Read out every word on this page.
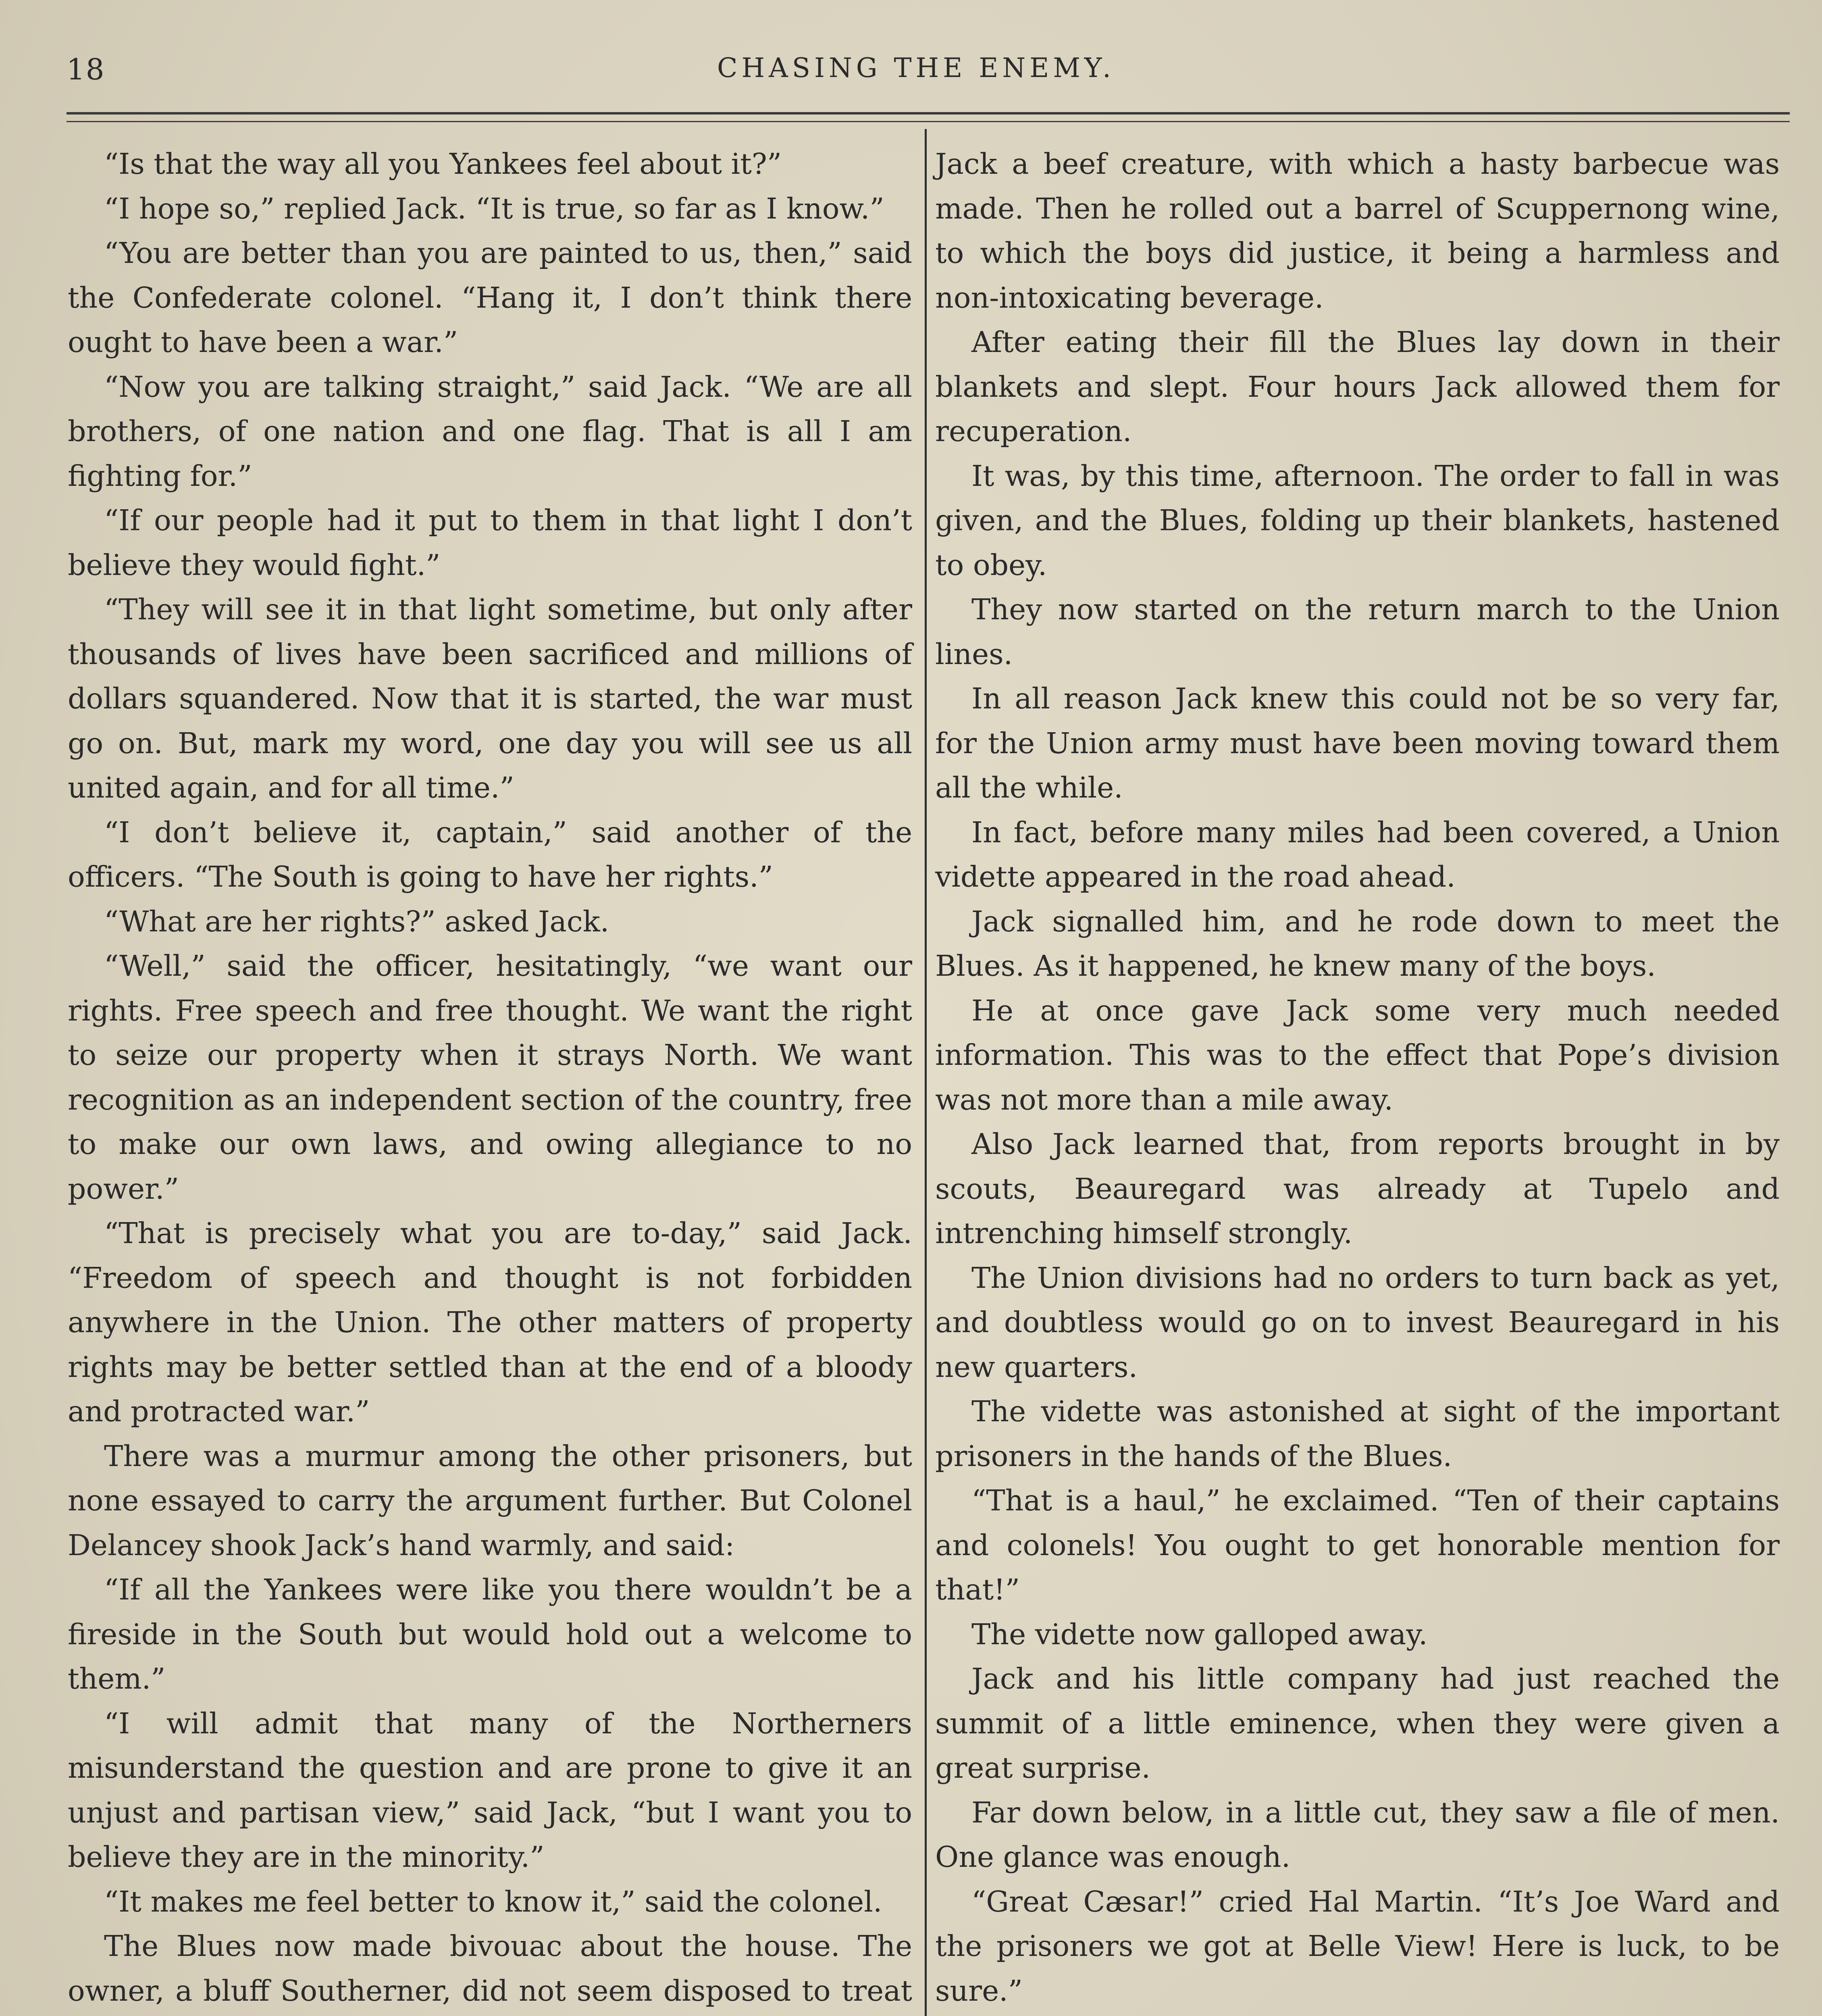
18	CHASING THE ENEMY.

“Is that the way all you Yankees feel about it?”

“I hope so,” replied Jack. “It is true, so far as I know.”

“You are better than you are painted to us, then,” said the Confederate colonel. “Hang it, I don’t think there ought to have been a war.”

“Now you are talking straight,” said Jack. “We are all brothers, of one nation and one flag. That is all I am fighting for.”

“If our people had it put to them in that light I don’t believe they would fight.”

“They will see it in that light sometime, but only after thousands of lives have been sacrificed and millions of dollars squandered. Now that it is started, the war must go on. But, mark my word, one day you will see us all united again, and for all time.”

“I don’t believe it, captain,” said another of the officers. “The South is going to have her rights.”

“What are her rights?” asked Jack.

“Well,” said the officer, hesitatingly, “we want our rights. Free speech and free thought. We want the right to seize our property when it strays North. We want recognition as an independent section of the country, free to make our own laws, and owing allegiance to no power.”

“That is precisely what you are to-day,” said Jack. “Freedom of speech and thought is not forbidden anywhere in the Union. The other matters of property rights may be better settled than at the end of a bloody and protracted war.”

There was a murmur among the other prisoners, but none essayed to carry the argument further. But Colonel Delancey shook Jack’s hand warmly, and said:

“If all the Yankees were like you there wouldn’t be a fireside in the South but would hold out a welcome to them.”

“I will admit that many of the Northerners misunderstand the question and are prone to give it an unjust and partisan view,” said Jack, “but I want you to believe they are in the minority.”

“It makes me feel better to know it,” said the colonel.

The Blues now made bivouac about the house. The owner, a bluff Southerner, did not seem disposed to treat

Jack a beef creature, with which a hasty barbecue was made. Then he rolled out a barrel of Scuppernong wine, to which the boys did justice, it being a harmless and non-intoxicating beverage.

After eating their fill the Blues lay down in their blankets and slept. Four hours Jack allowed them for recuperation.

It was, by this time, afternoon. The order to fall in was given, and the Blues, folding up their blankets, hastened to obey.

They now started on the return march to the Union lines.

In all reason Jack knew this could not be so very far, for the Union army must have been moving toward them all the while.

In fact, before many miles had been covered, a Union vidette appeared in the road ahead.

Jack signalled him, and he rode down to meet the Blues. As it happened, he knew many of the boys.

He at once gave Jack some very much needed information. This was to the effect that Pope’s division was not more than a mile away.

Also Jack learned that, from reports brought in by scouts, Beauregard was already at Tupelo and intrenching himself strongly.

The Union divisions had no orders to turn back as yet, and doubtless would go on to invest Beauregard in his new quarters.

The vidette was astonished at sight of the important prisoners in the hands of the Blues.

“That is a haul,” he exclaimed. “Ten of their captains and colonels! You ought to get honorable mention for that!”

The vidette now galloped away.

Jack and his little company had just reached the summit of a little eminence, when they were given a great surprise.

Far down below, in a little cut, they saw a file of men. One glance was enough.

“Great Cæsar!” cried Hal Martin. “It’s Joe Ward and the prisoners we got at Belle View! Here is luck, to be sure.”
